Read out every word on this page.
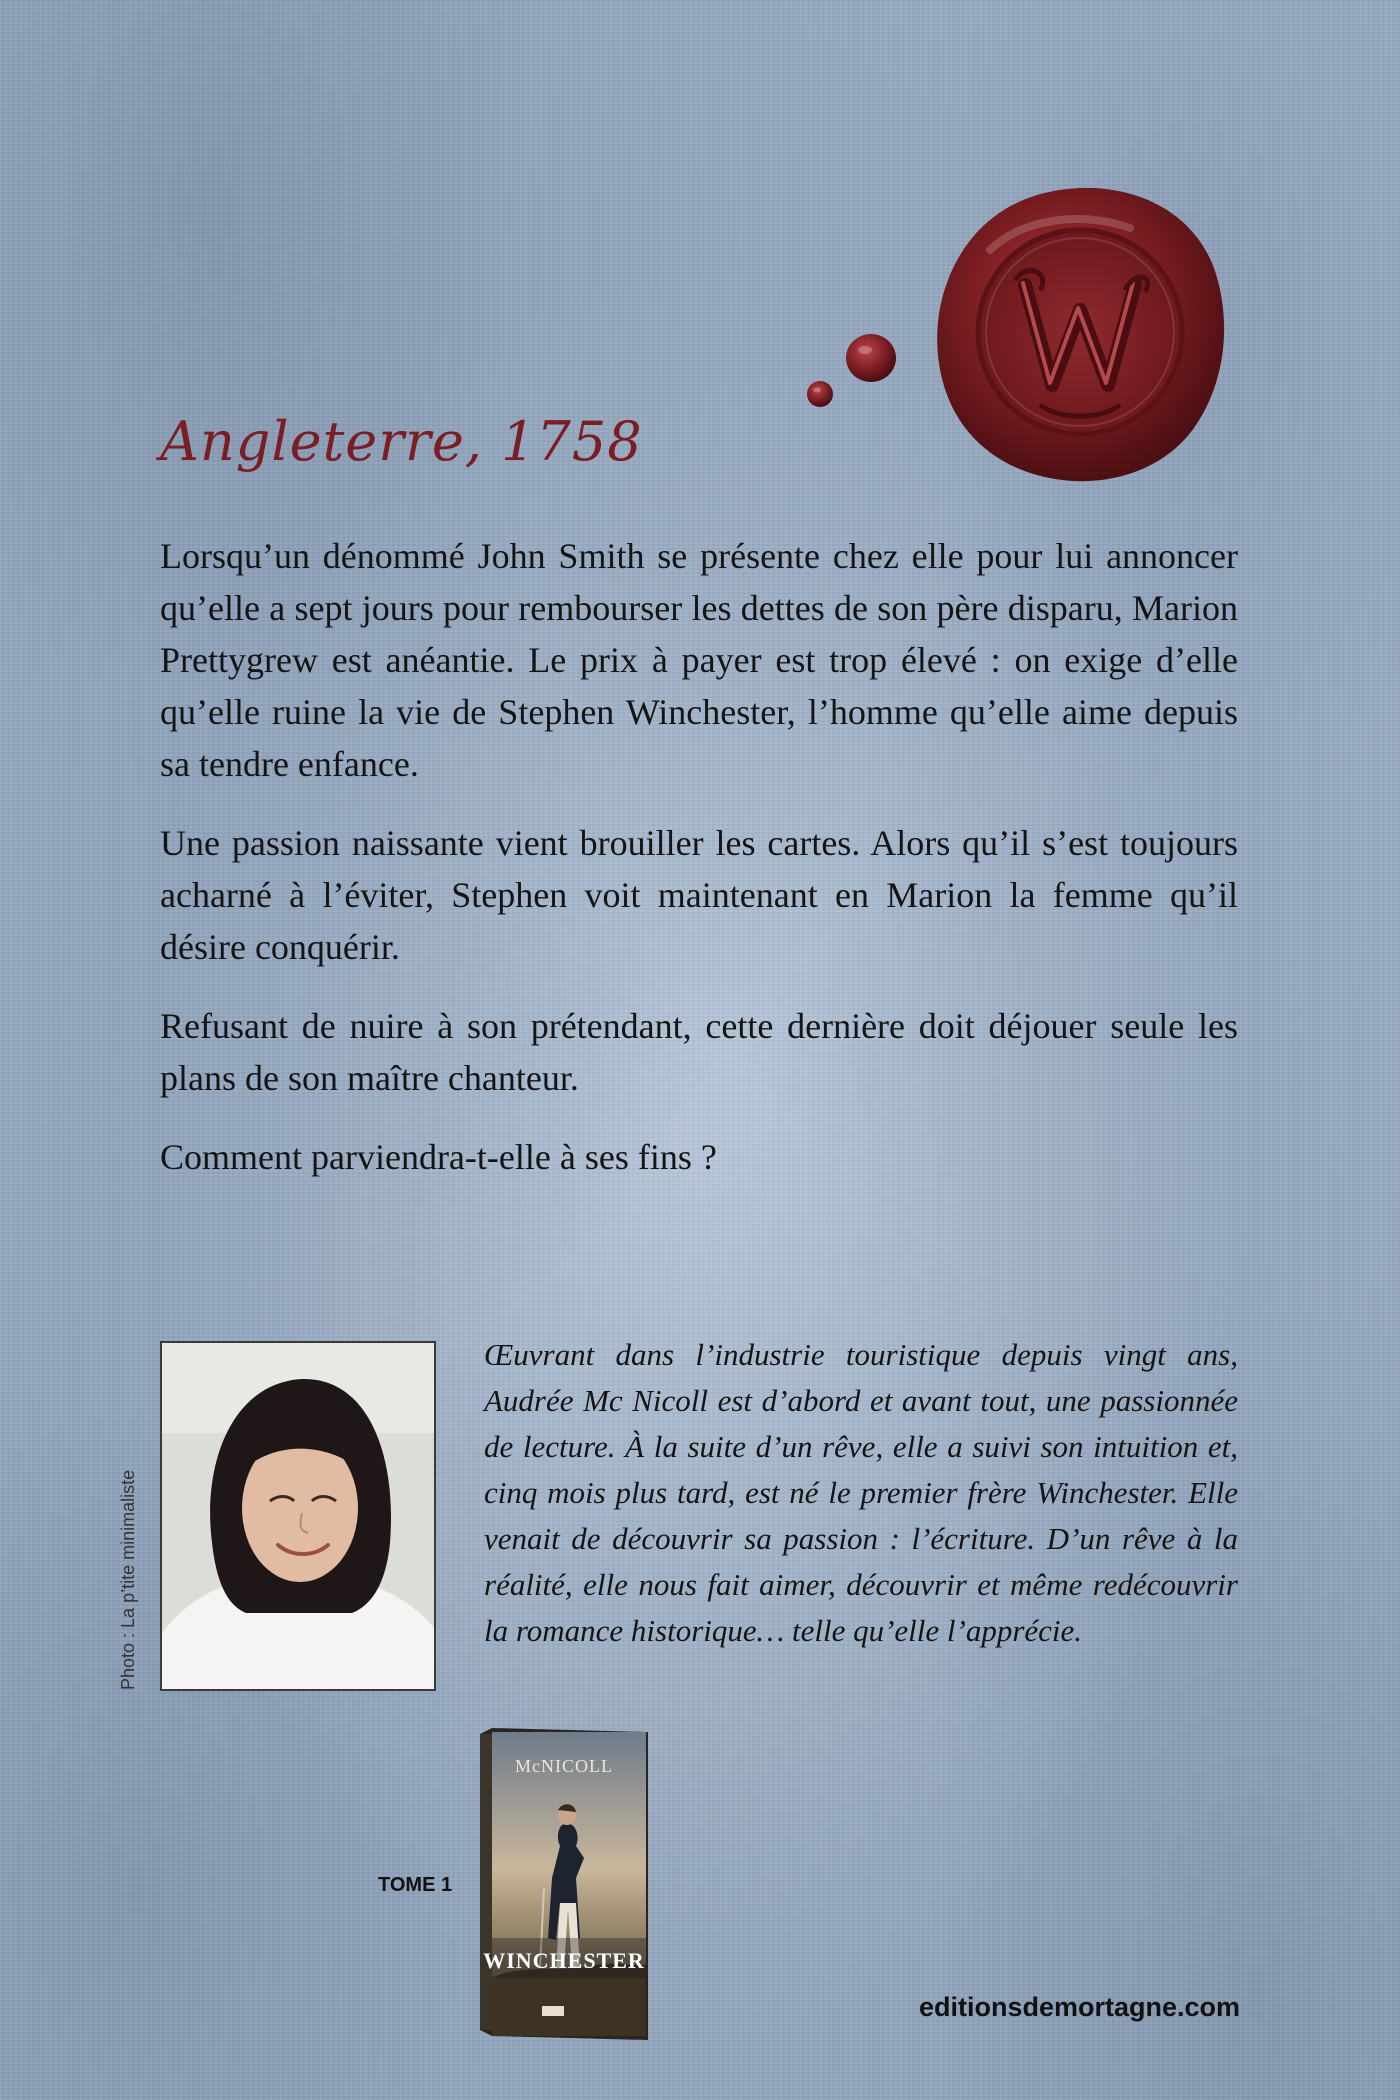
Angleterre, 1758

Lorsqu’un dénommé John Smith se présente chez elle pour lui annoncer qu’elle a sept jours pour rembourser les dettes de son père disparu, Marion Prettygrew est anéantie. Le prix à payer est trop élevé : on exige d’elle qu’elle ruine la vie de Stephen Winchester, l’homme qu’elle aime depuis sa tendre enfance.

Une passion naissante vient brouiller les cartes. Alors qu’il s’est toujours acharné à l’éviter, Stephen voit maintenant en Marion la femme qu’il désire conquérir.

Refusant de nuire à son prétendant, cette dernière doit déjouer seule les plans de son maître chanteur.

Comment parviendra-t-elle à ses fins ?

Photo : La p’tite minimaliste
Œuvrant dans l’industrie touristique depuis vingt ans, Audrée Mc Nicoll est d’abord et avant tout, une passionnée de lecture. À la suite d’un rêve, elle a suivi son intuition et, cinq mois plus tard, est né le premier frère Winchester. Elle venait de découvrir sa passion : l’écriture. D’un rêve à la réalité, elle nous fait aimer, découvrir et même redécouvrir la romance historique… telle qu’elle l’apprécie.
TOME 1
McNICOLL
WINCHESTER
editionsdemortagne.com
